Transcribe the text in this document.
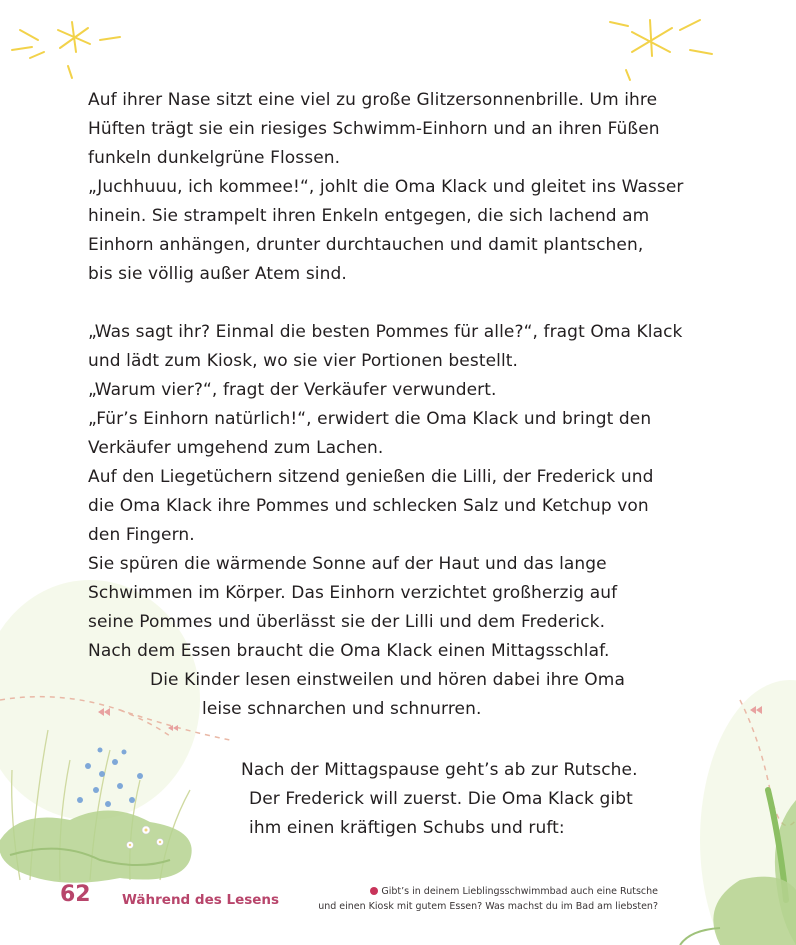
Auf ihrer Nase sitzt eine viel zu große Glitzersonnenbrille. Um ihre
Hüften trägt sie ein riesiges Schwimm-Einhorn und an ihren Füßen
funkeln dunkelgrüne Flossen.
„Juchhuuu, ich kommee!“, johlt die Oma Klack und gleitet ins Wasser
hinein. Sie strampelt ihren Enkeln entgegen, die sich lachend am
Einhorn anhängen, drunter durchtauchen und damit plantschen,
bis sie völlig außer Atem sind.
„Was sagt ihr? Einmal die besten Pommes für alle?“, fragt Oma Klack
und lädt zum Kiosk, wo sie vier Portionen bestellt.
„Warum vier?“, fragt der Verkäufer verwundert.
„Für’s Einhorn natürlich!“, erwidert die Oma Klack und bringt den
Verkäufer umgehend zum Lachen.
Auf den Liegetüchern sitzend genießen die Lilli, der Frederick und
die Oma Klack ihre Pommes und schlecken Salz und Ketchup von
den Fingern.
Sie spüren die wärmende Sonne auf der Haut und das lange
Schwimmen im Körper. Das Einhorn verzichtet großherzig auf
seine Pommes und überlässt sie der Lilli und dem Frederick.
Nach dem Essen braucht die Oma Klack einen Mittagsschlaf.
Die Kinder lesen einstweilen und hören dabei ihre Oma
leise schnarchen und schnurren.
Nach der Mittagspause geht’s ab zur Rutsche.
Der Frederick will zuerst. Die Oma Klack gibt
ihm einen kräftigen Schubs und ruft:
62 Während des Lesens
Gibt’s in deinem Lieblingsschwimmbad auch eine Rutsche
und einen Kiosk mit gutem Essen? Was machst du im Bad am liebsten?
